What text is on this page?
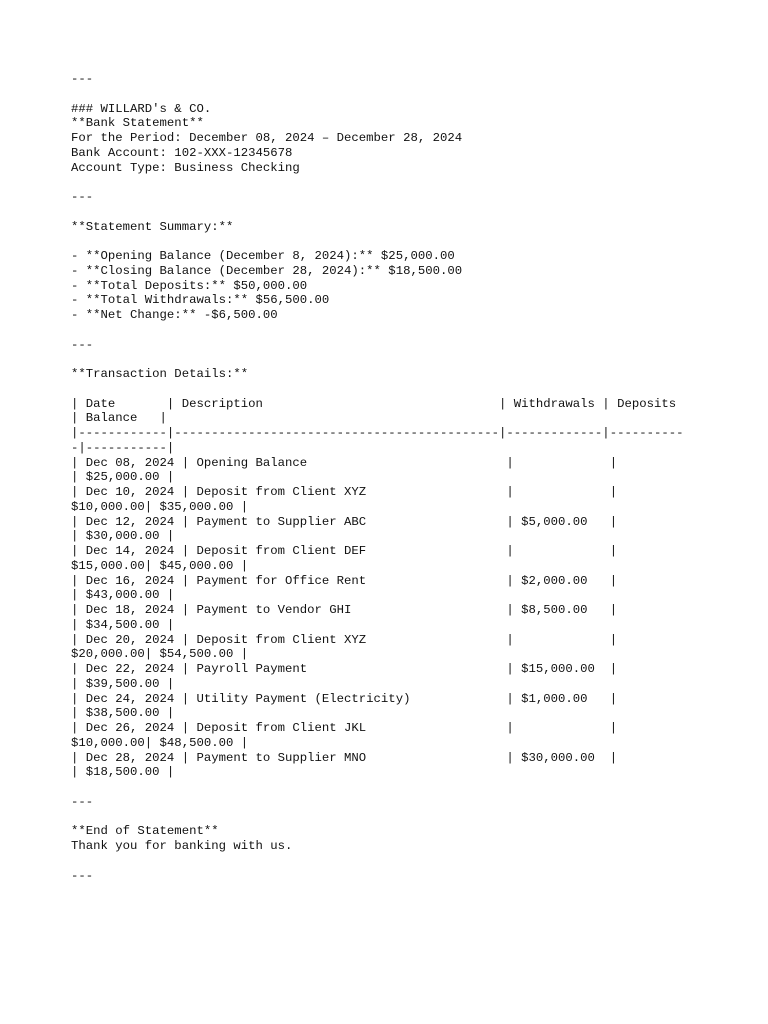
---
### WILLARD's & CO.
**Bank Statement**
For the Period: December 08, 2024 – December 28, 2024
Bank Account: 102-XXX-12345678
Account Type: Business Checking
---
**Statement Summary:**
- **Opening Balance (December 8, 2024):** $25,000.00
- **Closing Balance (December 28, 2024):** $18,500.00
- **Total Deposits:** $50,000.00
- **Total Withdrawals:** $56,500.00
- **Net Change:** -$6,500.00
---
**Transaction Details:**
| Date       | Description                                | Withdrawals | Deposits
| Balance   |
|------------|--------------------------------------------|-------------|----------
-|-----------|
| Dec 08, 2024 | Opening Balance                           |             |
| $25,000.00 |
| Dec 10, 2024 | Deposit from Client XYZ                   |             |
$10,000.00| $35,000.00 |
| Dec 12, 2024 | Payment to Supplier ABC                   | $5,000.00   |
| $30,000.00 |
| Dec 14, 2024 | Deposit from Client DEF                   |             |
$15,000.00| $45,000.00 |
| Dec 16, 2024 | Payment for Office Rent                   | $2,000.00   |
| $43,000.00 |
| Dec 18, 2024 | Payment to Vendor GHI                     | $8,500.00   |
| $34,500.00 |
| Dec 20, 2024 | Deposit from Client XYZ                   |             |
$20,000.00| $54,500.00 |
| Dec 22, 2024 | Payroll Payment                           | $15,000.00  |
| $39,500.00 |
| Dec 24, 2024 | Utility Payment (Electricity)             | $1,000.00   |
| $38,500.00 |
| Dec 26, 2024 | Deposit from Client JKL                   |             |
$10,000.00| $48,500.00 |
| Dec 28, 2024 | Payment to Supplier MNO                   | $30,000.00  |
| $18,500.00 |
---
**End of Statement**
Thank you for banking with us.
---
